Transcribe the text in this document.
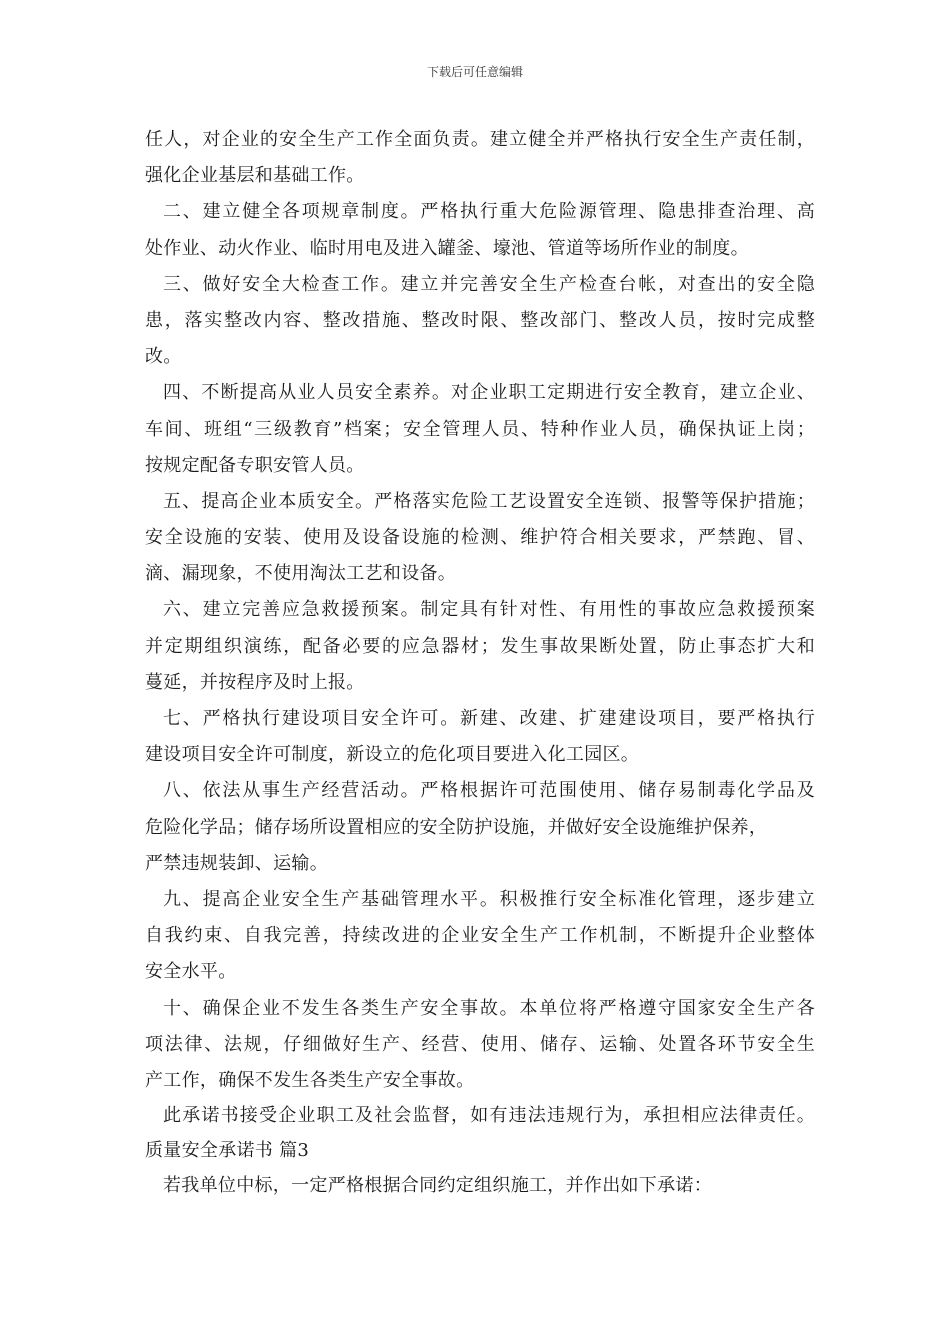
下载后可任意编辑
任人，对企业的安全生产工作全面负责。建立健全并严格执行安全生产责任制，
强化企业基层和基础工作。
二、建立健全各项规章制度。严格执行重大危险源管理、隐患排查治理、高
处作业、动火作业、临时用电及进入罐釜、壕池、管道等场所作业的制度。
三、做好安全大检查工作。建立并完善安全生产检查台帐，对查出的安全隐
患，落实整改内容、整改措施、整改时限、整改部门、整改人员，按时完成整
改。
四、不断提高从业人员安全素养。对企业职工定期进行安全教育，建立企业、
车间、班组“三级教育”档案；安全管理人员、特种作业人员，确保执证上岗；
按规定配备专职安管人员。
五、提高企业本质安全。严格落实危险工艺设置安全连锁、报警等保护措施；
安全设施的安装、使用及设备设施的检测、维护符合相关要求，严禁跑、冒、
滴、漏现象，不使用淘汰工艺和设备。
六、建立完善应急救援预案。制定具有针对性、有用性的事故应急救援预案
并定期组织演练，配备必要的应急器材；发生事故果断处置，防止事态扩大和
蔓延，并按程序及时上报。
七、严格执行建设项目安全许可。新建、改建、扩建建设项目，要严格执行
建设项目安全许可制度，新设立的危化项目要进入化工园区。
八、依法从事生产经营活动。严格根据许可范围使用、储存易制毒化学品及
危险化学品；储存场所设置相应的安全防护设施，并做好安全设施维护保养，
严禁违规装卸、运输。
九、提高企业安全生产基础管理水平。积极推行安全标准化管理，逐步建立
自我约束、自我完善，持续改进的企业安全生产工作机制，不断提升企业整体
安全水平。
十、确保企业不发生各类生产安全事故。本单位将严格遵守国家安全生产各
项法律、法规，仔细做好生产、经营、使用、储存、运输、处置各环节安全生
产工作，确保不发生各类生产安全事故。
此承诺书接受企业职工及社会监督，如有违法违规行为，承担相应法律责任。
质量安全承诺书 篇3
若我单位中标，一定严格根据合同约定组织施工，并作出如下承诺：
